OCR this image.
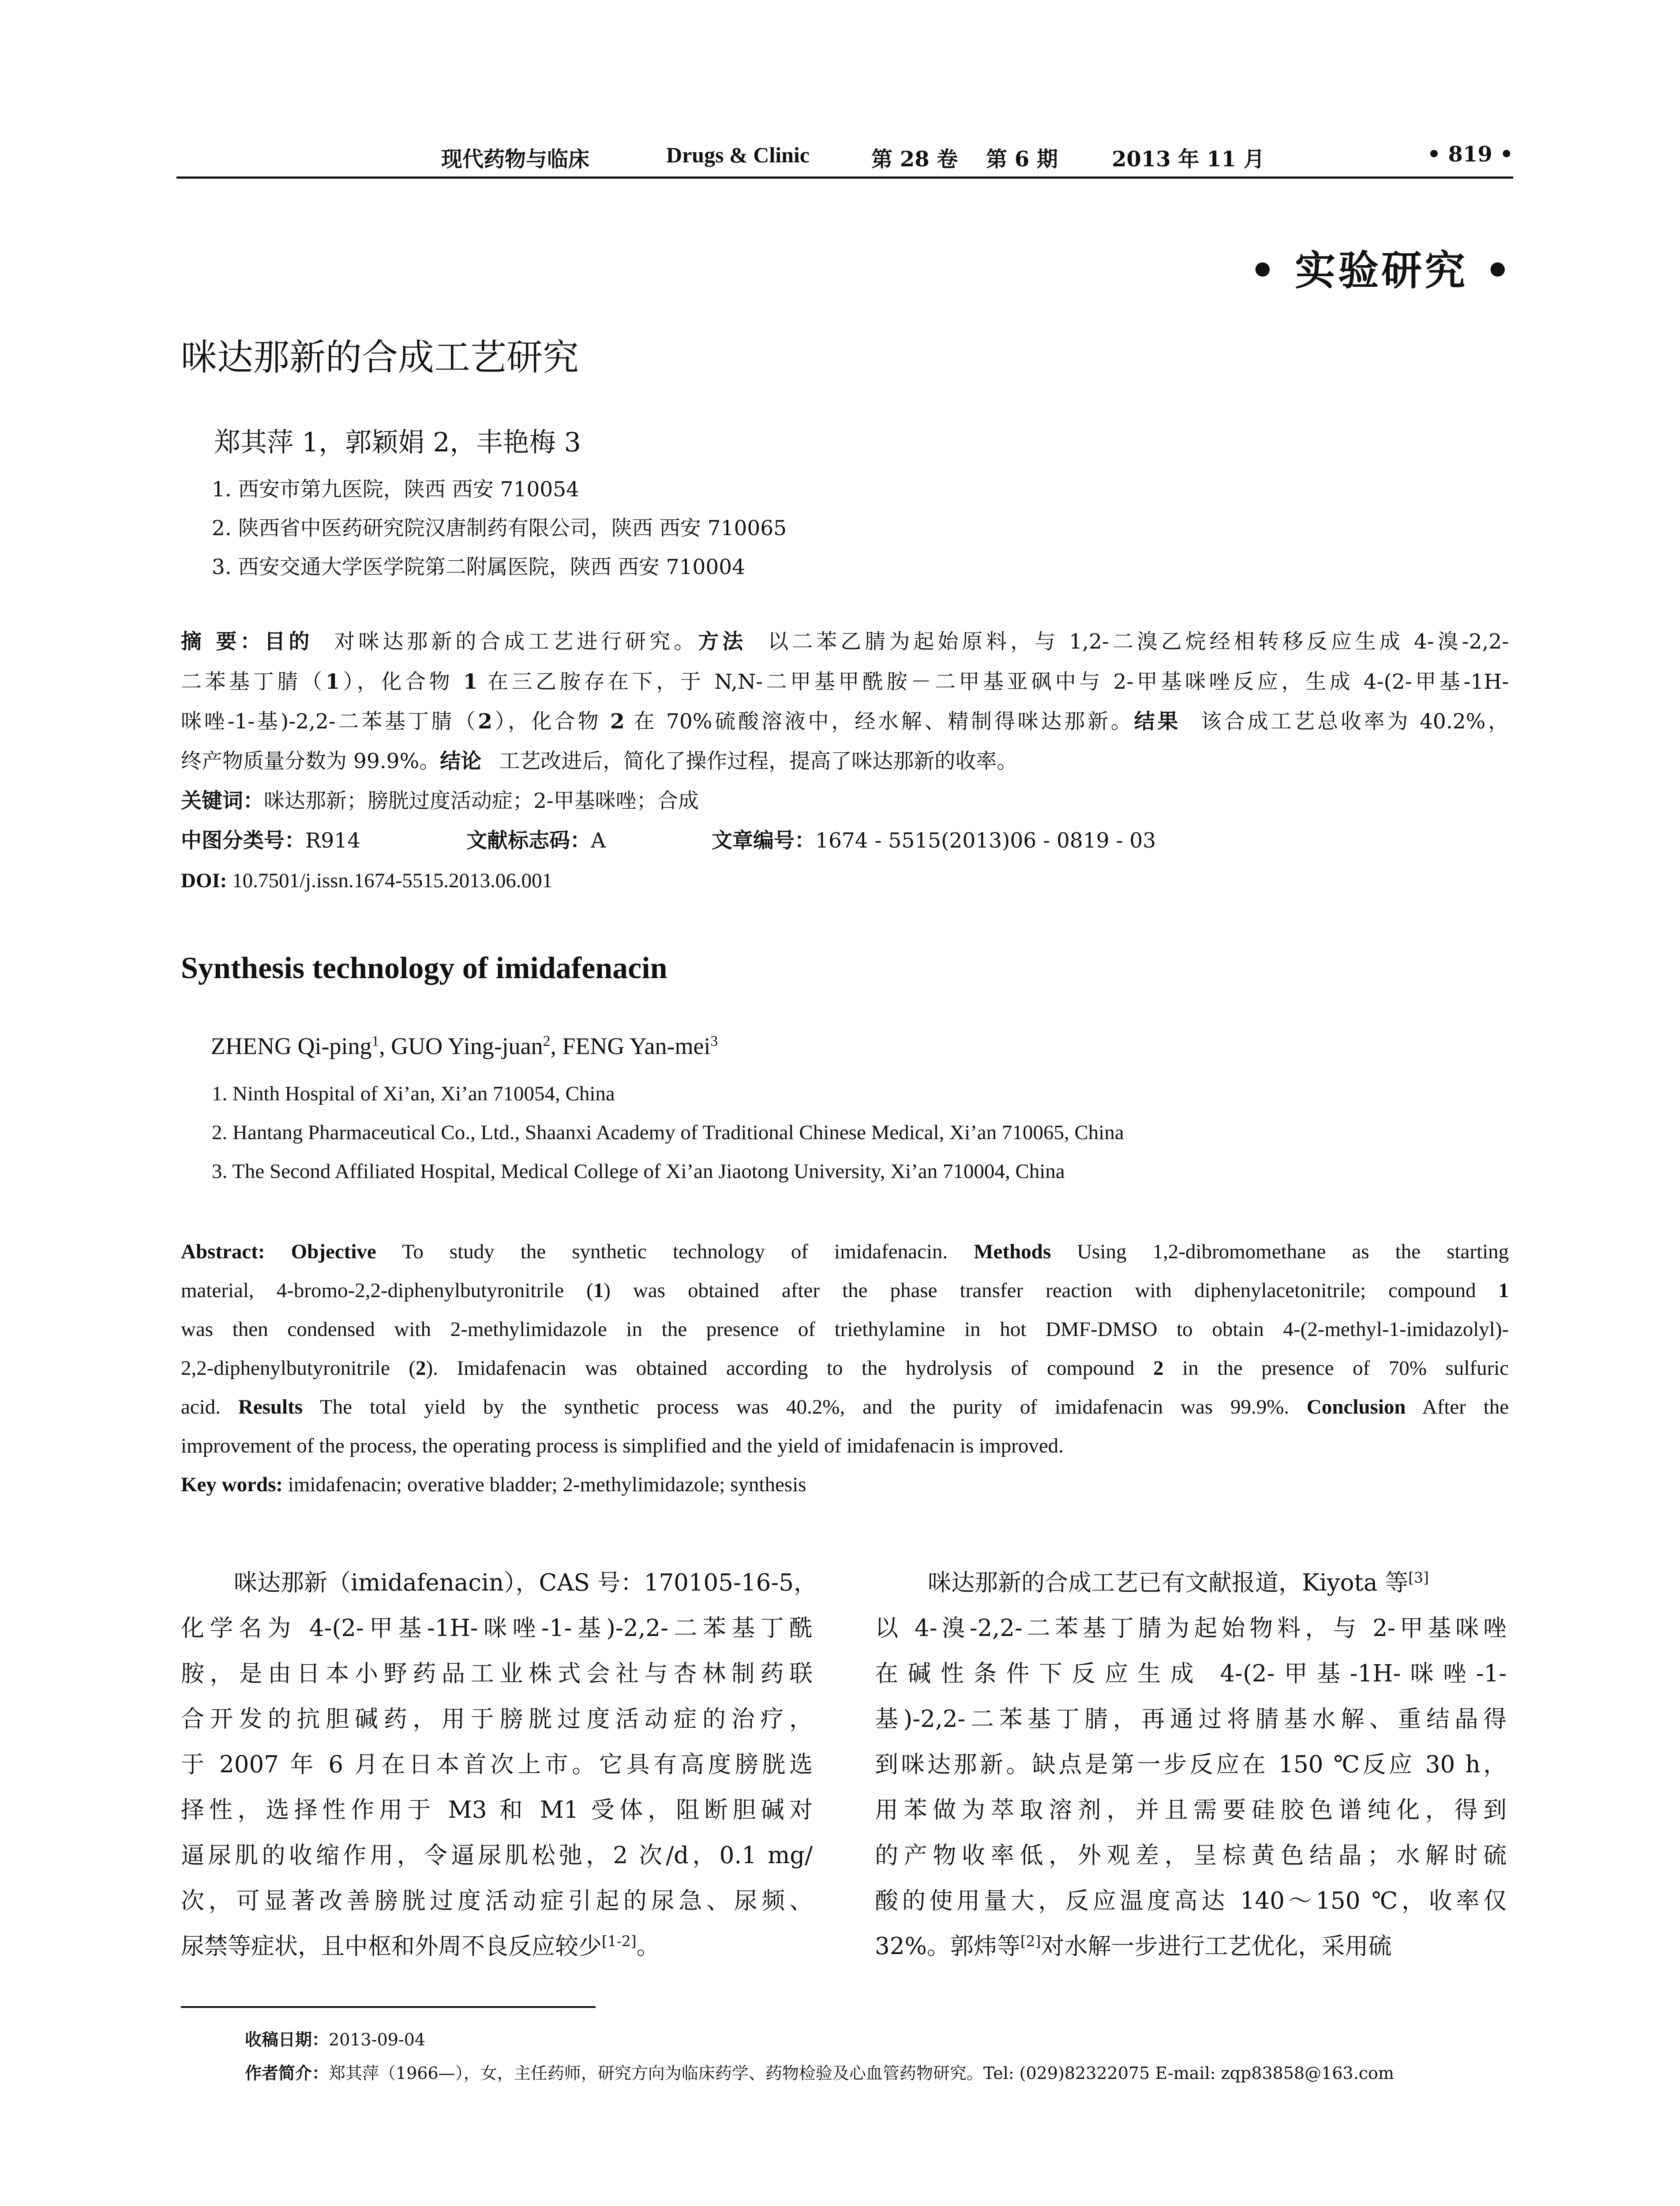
现代药物与临床	Drugs & Clinic	第 28 卷 第 6 期	2013 年 11 月	• 819 •
• 实验研究 •
咪达那新的合成工艺研究
郑其萍 1，郭颖娟 2，丰艳梅 3
1. 西安市第九医院，陕西 西安 710054
2. 陕西省中医药研究院汉唐制药有限公司，陕西 西安 710065
3. 西安交通大学医学院第二附属医院，陕西 西安 710004
摘 要：目的 对咪达那新的合成工艺进行研究。方法 以二苯乙腈为起始原料，与 1,2-二溴乙烷经相转移反应生成 4-溴-2,2-
二苯基丁腈（1），化合物 1 在三乙胺存在下，于 N,N-二甲基甲酰胺－二甲基亚砜中与 2-甲基咪唑反应，生成 4-(2-甲基-1H-
咪唑-1-基)-2,2-二苯基丁腈（2），化合物 2 在 70%硫酸溶液中，经水解、精制得咪达那新。结果 该合成工艺总收率为 40.2%，
终产物质量分数为 99.9%。结论 工艺改进后，简化了操作过程，提高了咪达那新的收率。
关键词：咪达那新；膀胱过度活动症；2-甲基咪唑；合成
中图分类号：R914	文献标志码：A	文章编号：1674 - 5515(2013)06 - 0819 - 03
DOI: 10.7501/j.issn.1674-5515.2013.06.001
Synthesis technology of imidafenacin
ZHENG Qi-ping$^1$, GUO Ying-juan$^2$, FENG Yan-mei$^3$
1. Ninth Hospital of Xi’an, Xi’an 710054, China
2. Hantang Pharmaceutical Co., Ltd., Shaanxi Academy of Traditional Chinese Medical, Xi’an 710065, China
3. The Second Affiliated Hospital, Medical College of Xi’an Jiaotong University, Xi’an 710004, China
Abstract: Objective To study the synthetic technology of imidafenacin. Methods Using 1,2-dibromomethane as the starting
material, 4-bromo-2,2-diphenylbutyronitrile (1) was obtained after the phase transfer reaction with diphenylacetonitrile; compound 1
was then condensed with 2-methylimidazole in the presence of triethylamine in hot DMF-DMSO to obtain 4-(2-methyl-1-imidazolyl)-
2,2-diphenylbutyronitrile (2). Imidafenacin was obtained according to the hydrolysis of compound 2 in the presence of 70% sulfuric
acid. Results The total yield by the synthetic process was 40.2%, and the purity of imidafenacin was 99.9%. Conclusion After the
improvement of the process, the operating process is simplified and the yield of imidafenacin is improved.
Key words: imidafenacin; overative bladder; 2-methylimidazole; synthesis
咪达那新（imidafenacin），CAS 号：170105-16-5，
化学名为 4-(2-甲基-1H-咪唑-1-基)-2,2-二苯基丁酰
胺，是由日本小野药品工业株式会社与杏林制药联
合开发的抗胆碱药，用于膀胱过度活动症的治疗，
于 2007 年 6 月在日本首次上市。它具有高度膀胱选
择性，选择性作用于 M3 和 M1 受体，阻断胆碱对
逼尿肌的收缩作用，令逼尿肌松弛，2 次/d，0.1 mg/
次，可显著改善膀胱过度活动症引起的尿急、尿频、
尿禁等症状，且中枢和外周不良反应较少[1-2]。
咪达那新的合成工艺已有文献报道，Kiyota 等[3]
以 4-溴-2,2-二苯基丁腈为起始物料，与 2-甲基咪唑
在碱性条件下反应生成 4-(2-甲基-1H-咪唑-1-
基)-2,2-二苯基丁腈，再通过将腈基水解、重结晶得
到咪达那新。缺点是第一步反应在 150 ℃反应 30 h，
用苯做为萃取溶剂，并且需要硅胶色谱纯化，得到
的产物收率低，外观差，呈棕黄色结晶；水解时硫
酸的使用量大，反应温度高达 140～150 ℃，收率仅
32%。郭炜等[2]对水解一步进行工艺优化，采用硫
收稿日期：2013-09-04
作者简介：郑其萍（1966—），女，主任药师，研究方向为临床药学、药物检验及心血管药物研究。Tel: (029)82322075 E-mail: zqp83858@163.com
